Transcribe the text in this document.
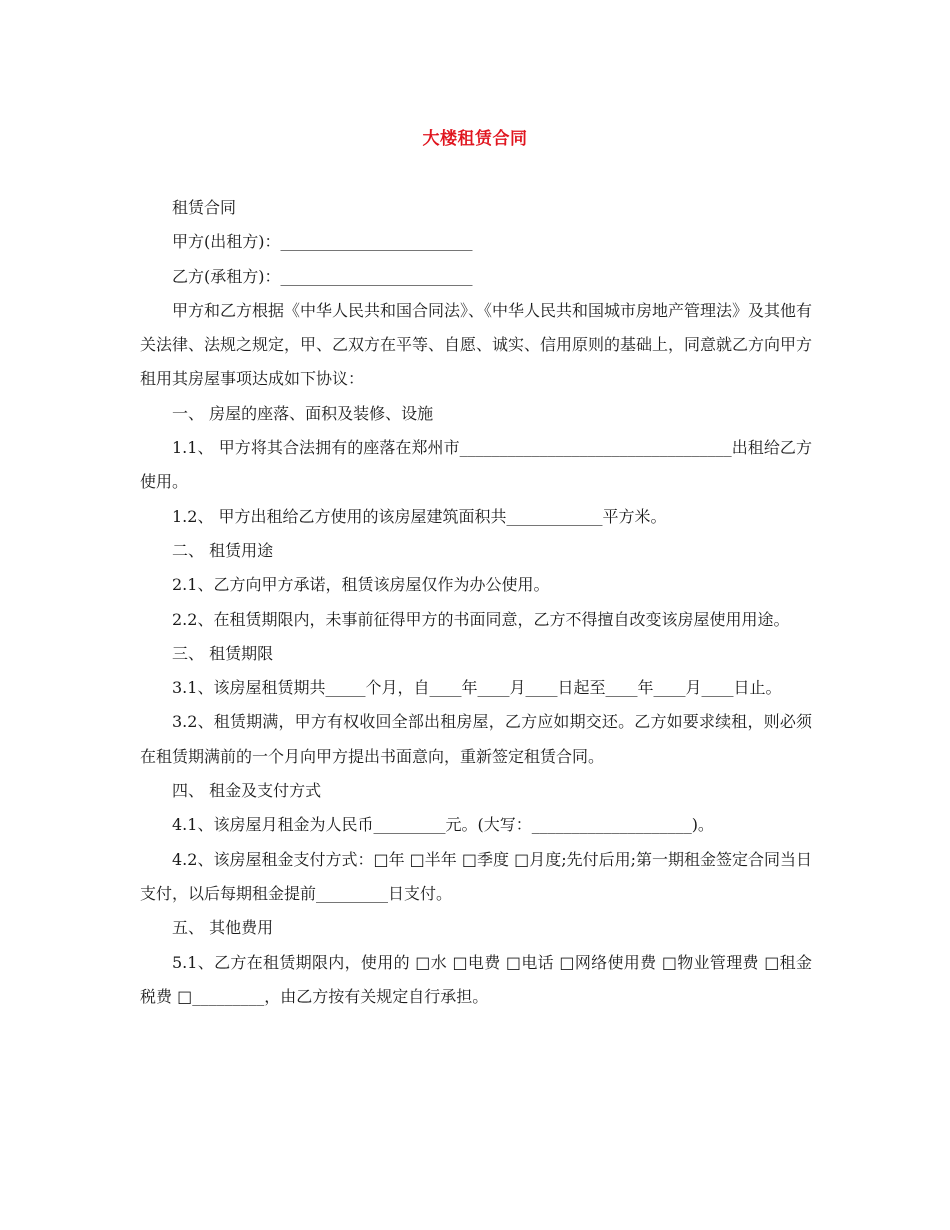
大楼租赁合同

租赁合同

甲方(出租方)：________________________

乙方(承租方)：________________________

甲方和乙方根据《中华人民共和国合同法》、《中华人民共和国城市房地产管理法》及其他有关法律、法规之规定，甲、乙双方在平等、自愿、诚实、信用原则的基础上，同意就乙方向甲方租用其房屋事项达成如下协议：

一、 房屋的座落、面积及装修、设施

1.1、 甲方将其合法拥有的座落在郑州市__________________________________出租给乙方使用。

1.2、 甲方出租给乙方使用的该房屋建筑面积共____________平方米。

二、 租赁用途

2.1、乙方向甲方承诺，租赁该房屋仅作为办公使用。

2.2、在租赁期限内，未事前征得甲方的书面同意，乙方不得擅自改变该房屋使用用途。

三、 租赁期限

3.1、该房屋租赁期共_____个月，自____年____月____日起至____年____月____日止。

3.2、租赁期满，甲方有权收回全部出租房屋，乙方应如期交还。乙方如要求续租，则必须在租赁期满前的一个月向甲方提出书面意向，重新签定租赁合同。

四、 租金及支付方式

4.1、该房屋月租金为人民币_________元。(大写：____________________)。

4.2、该房屋租金支付方式：□年 □半年 □季度 □月度;先付后用;第一期租金签定合同当日支付，以后每期租金提前_________日支付。

五、 其他费用

5.1、乙方在租赁期限内，使用的 □水 □电费 □电话 □网络使用费 □物业管理费 □租金税费 □_________，由乙方按有关规定自行承担。
